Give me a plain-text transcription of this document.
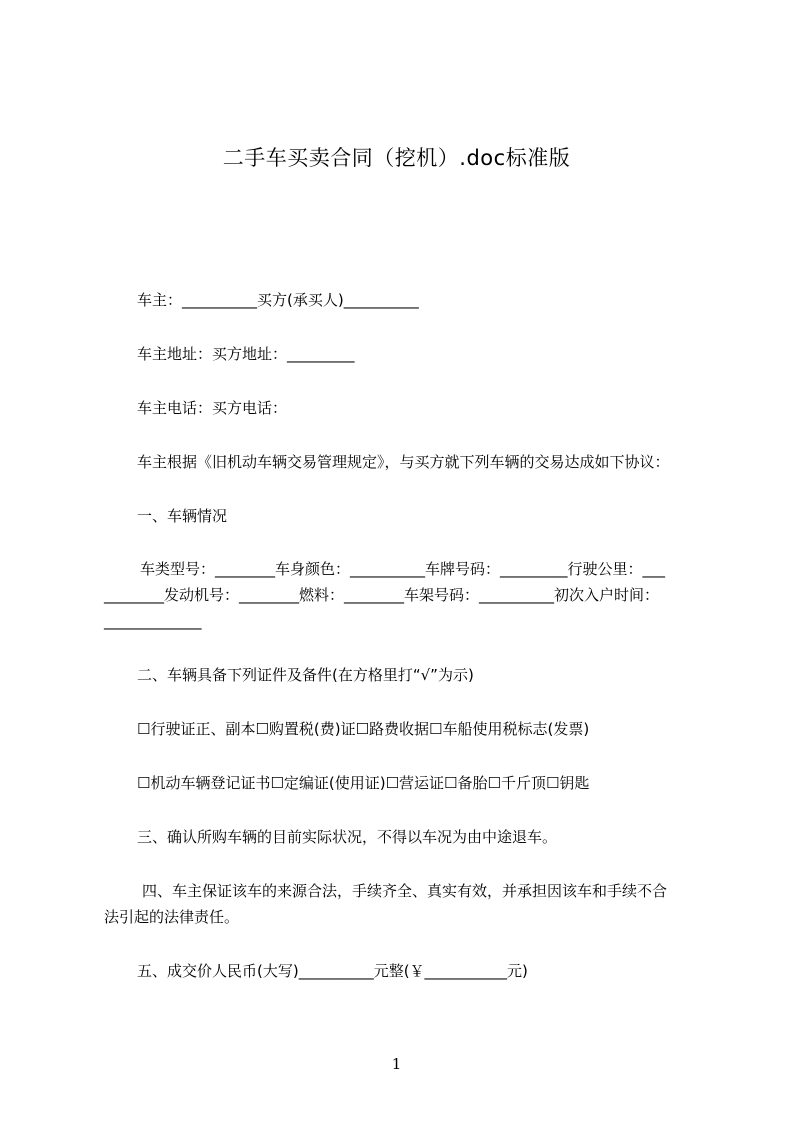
二手车买卖合同（挖机）.doc标准版
车主：__________买方(承买人)__________
车主地址：买方地址：_________
车主电话：买方电话：
车主根据《旧机动车辆交易管理规定》，与买方就下列车辆的交易达成如下协议：
一、车辆情况
车类型号：________车身颜色：__________车牌号码：_________行驶公里：___
________发动机号：________燃料：________车架号码：__________初次入户时间：
_____________
二、车辆具备下列证件及备件(在方格里打“√”为示)
☐行驶证正、副本☐购置税(费)证☐路费收据☐车船使用税标志(发票)
☐机动车辆登记证书☐定编证(使用证)☐营运证☐备胎☐千斤顶☐钥匙
三、确认所购车辆的目前实际状况，不得以车况为由中途退车。
四、车主保证该车的来源合法，手续齐全、真实有效，并承担因该车和手续不合
法引起的法律责任。
五、成交价人民币(大写)__________元整(￥___________元)
1
